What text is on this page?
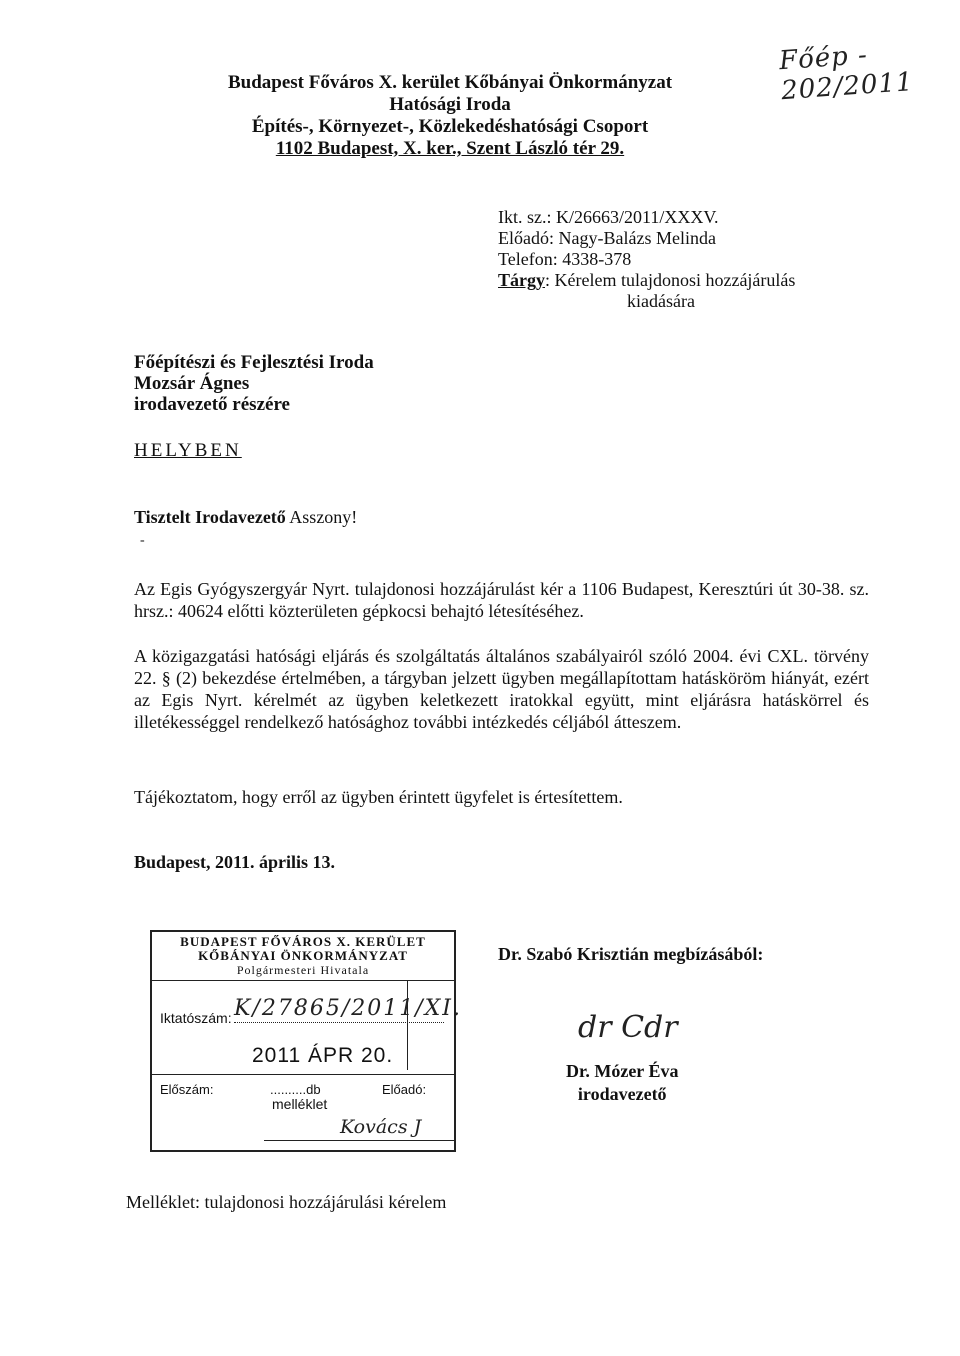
Budapest Főváros X. kerület Kőbányai Önkormányzat
Hatósági Iroda
Építés-, Környezet-, Közlekedéshatósági Csoport
1102 Budapest, X. ker., Szent László tér 29.
Főép - 202/2011
Ikt. sz.: K/26663/2011/XXXV.
Előadó: Nagy-Balázs Melinda
Telefon: 4338-378
Tárgy: Kérelem tulajdonosi hozzájárulás
kiadására
Főépítészi és Fejlesztési Iroda
Mozsár Ágnes
irodavezető részére
HELYBEN
Tisztelt Irodavezető Asszony!
-
Az Egis Gyógyszergyár Nyrt. tulajdonosi hozzájárulást kér a 1106 Budapest, Keresztúri út 30-38. sz. hrsz.: 40624 előtti közterületen gépkocsi behajtó létesítéséhez.
A közigazgatási hatósági eljárás és szolgáltatás általános szabályairól szóló 2004. évi CXL. törvény 22. § (2) bekezdése értelmében, a tárgyban jelzett ügyben megállapítottam hatásköröm hiányát, ezért az Egis Nyrt. kérelmét az ügyben keletkezett iratokkal együtt, mint eljárásra hatáskörrel és illetékességgel rendelkező hatósághoz további intézkedés céljából átteszem.
Tájékoztatom, hogy erről az ügyben érintett ügyfelet is értesítettem.
Budapest, 2011. április 13.
BUDAPEST FŐVÁROS X. KERÜLET
KŐBÁNYAI ÖNKORMÁNYZAT
Polgármesteri Hivatala
Iktatószám: K/27865/2011/XI.
2011 ÁPR 20.
Előszám:	..........db
melléklet
Előadó:
Kovács J
Dr. Szabó Krisztián megbízásából:
dr Cdr
Dr. Mózer Éva
irodavezető
Melléklet: tulajdonosi hozzájárulási kérelem
